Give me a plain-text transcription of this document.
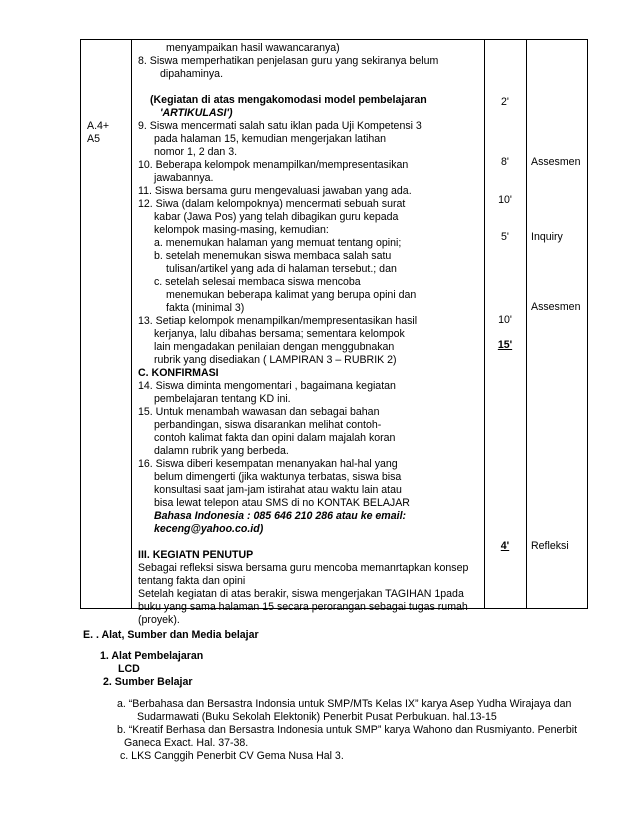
A.4+
A5
menyampaikan hasil wawancaranya)
8. Siswa memperhatikan penjelasan guru yang sekiranya belum
dipahaminya.
(Kegiatan di atas mengakomodasi model pembelajaran
'ARTIKULASI')
9. Siswa mencermati salah satu iklan pada Uji Kompetensi 3
pada halaman 15, kemudian mengerjakan latihan
nomor 1, 2 dan 3.
10. Beberapa kelompok menampilkan/mempresentasikan
jawabannya.
11. Siswa bersama guru mengevaluasi jawaban yang ada.
12. Siwa (dalam kelompoknya) mencermati sebuah surat
kabar (Jawa Pos) yang telah dibagikan guru kepada
kelompok masing-masing, kemudian:
a. menemukan halaman yang memuat tentang opini;
b. setelah menemukan siswa membaca salah satu
tulisan/artikel yang ada di halaman tersebut.; dan
c. setelah selesai membaca siswa mencoba
menemukan beberapa kalimat yang berupa opini dan
fakta (minimal 3)
13. Setiap kelompok menampilkan/mempresentasikan hasil
kerjanya, lalu dibahas bersama; sementara kelompok
lain mengadakan penilaian dengan menggubnakan
rubrik yang disediakan ( LAMPIRAN 3 – RUBRIK 2)
C. KONFIRMASI
14. Siswa diminta mengomentari , bagaimana kegiatan
pembelajaran tentang KD ini.
15. Untuk menambah wawasan dan sebagai bahan
perbandingan, siswa disarankan melihat contoh-
contoh kalimat fakta dan opini dalam majalah koran
dalamn rubrik yang berbeda.
16. Siswa diberi kesempatan menanyakan hal-hal yang
belum dimengerti (jika waktunya terbatas, siswa bisa
konsultasi saat jam-jam istirahat atau waktu lain atau
bisa lewat telepon atau SMS di no KONTAK BELAJAR
Bahasa Indonesia : 085 646 210 286 atau ke email:
keceng@yahoo.co.id)
III. KEGIATN PENUTUP
Sebagai refleksi siswa bersama guru mencoba memanrtapkan konsep
tentang fakta dan opini
Setelah kegiatan di atas berakir, siswa mengerjakan TAGIHAN 1pada
buku yang sama halaman 15 secara perorangan sebagai tugas rumah
(proyek).
2'
8'
10'
5'
10'
15'
4'
Assesmen
Inquiry
Assesmen
Refleksi
E. . Alat, Sumber dan Media belajar
1. Alat Pembelajaran
LCD
2. Sumber Belajar
a. “Berbahasa dan Bersastra Indonsia untuk SMP/MTs Kelas IX” karya Asep Yudha Wirajaya dan
Sudarmawati (Buku Sekolah Elektonik) Penerbit Pusat Perbukuan. hal.13-15
b. “Kreatif Berhasa dan Bersastra Indonesia untuk SMP” karya Wahono dan Rusmiyanto. Penerbit
Ganeca Exact. Hal. 37-38.
c. LKS Canggih Penerbit CV Gema Nusa Hal 3.
